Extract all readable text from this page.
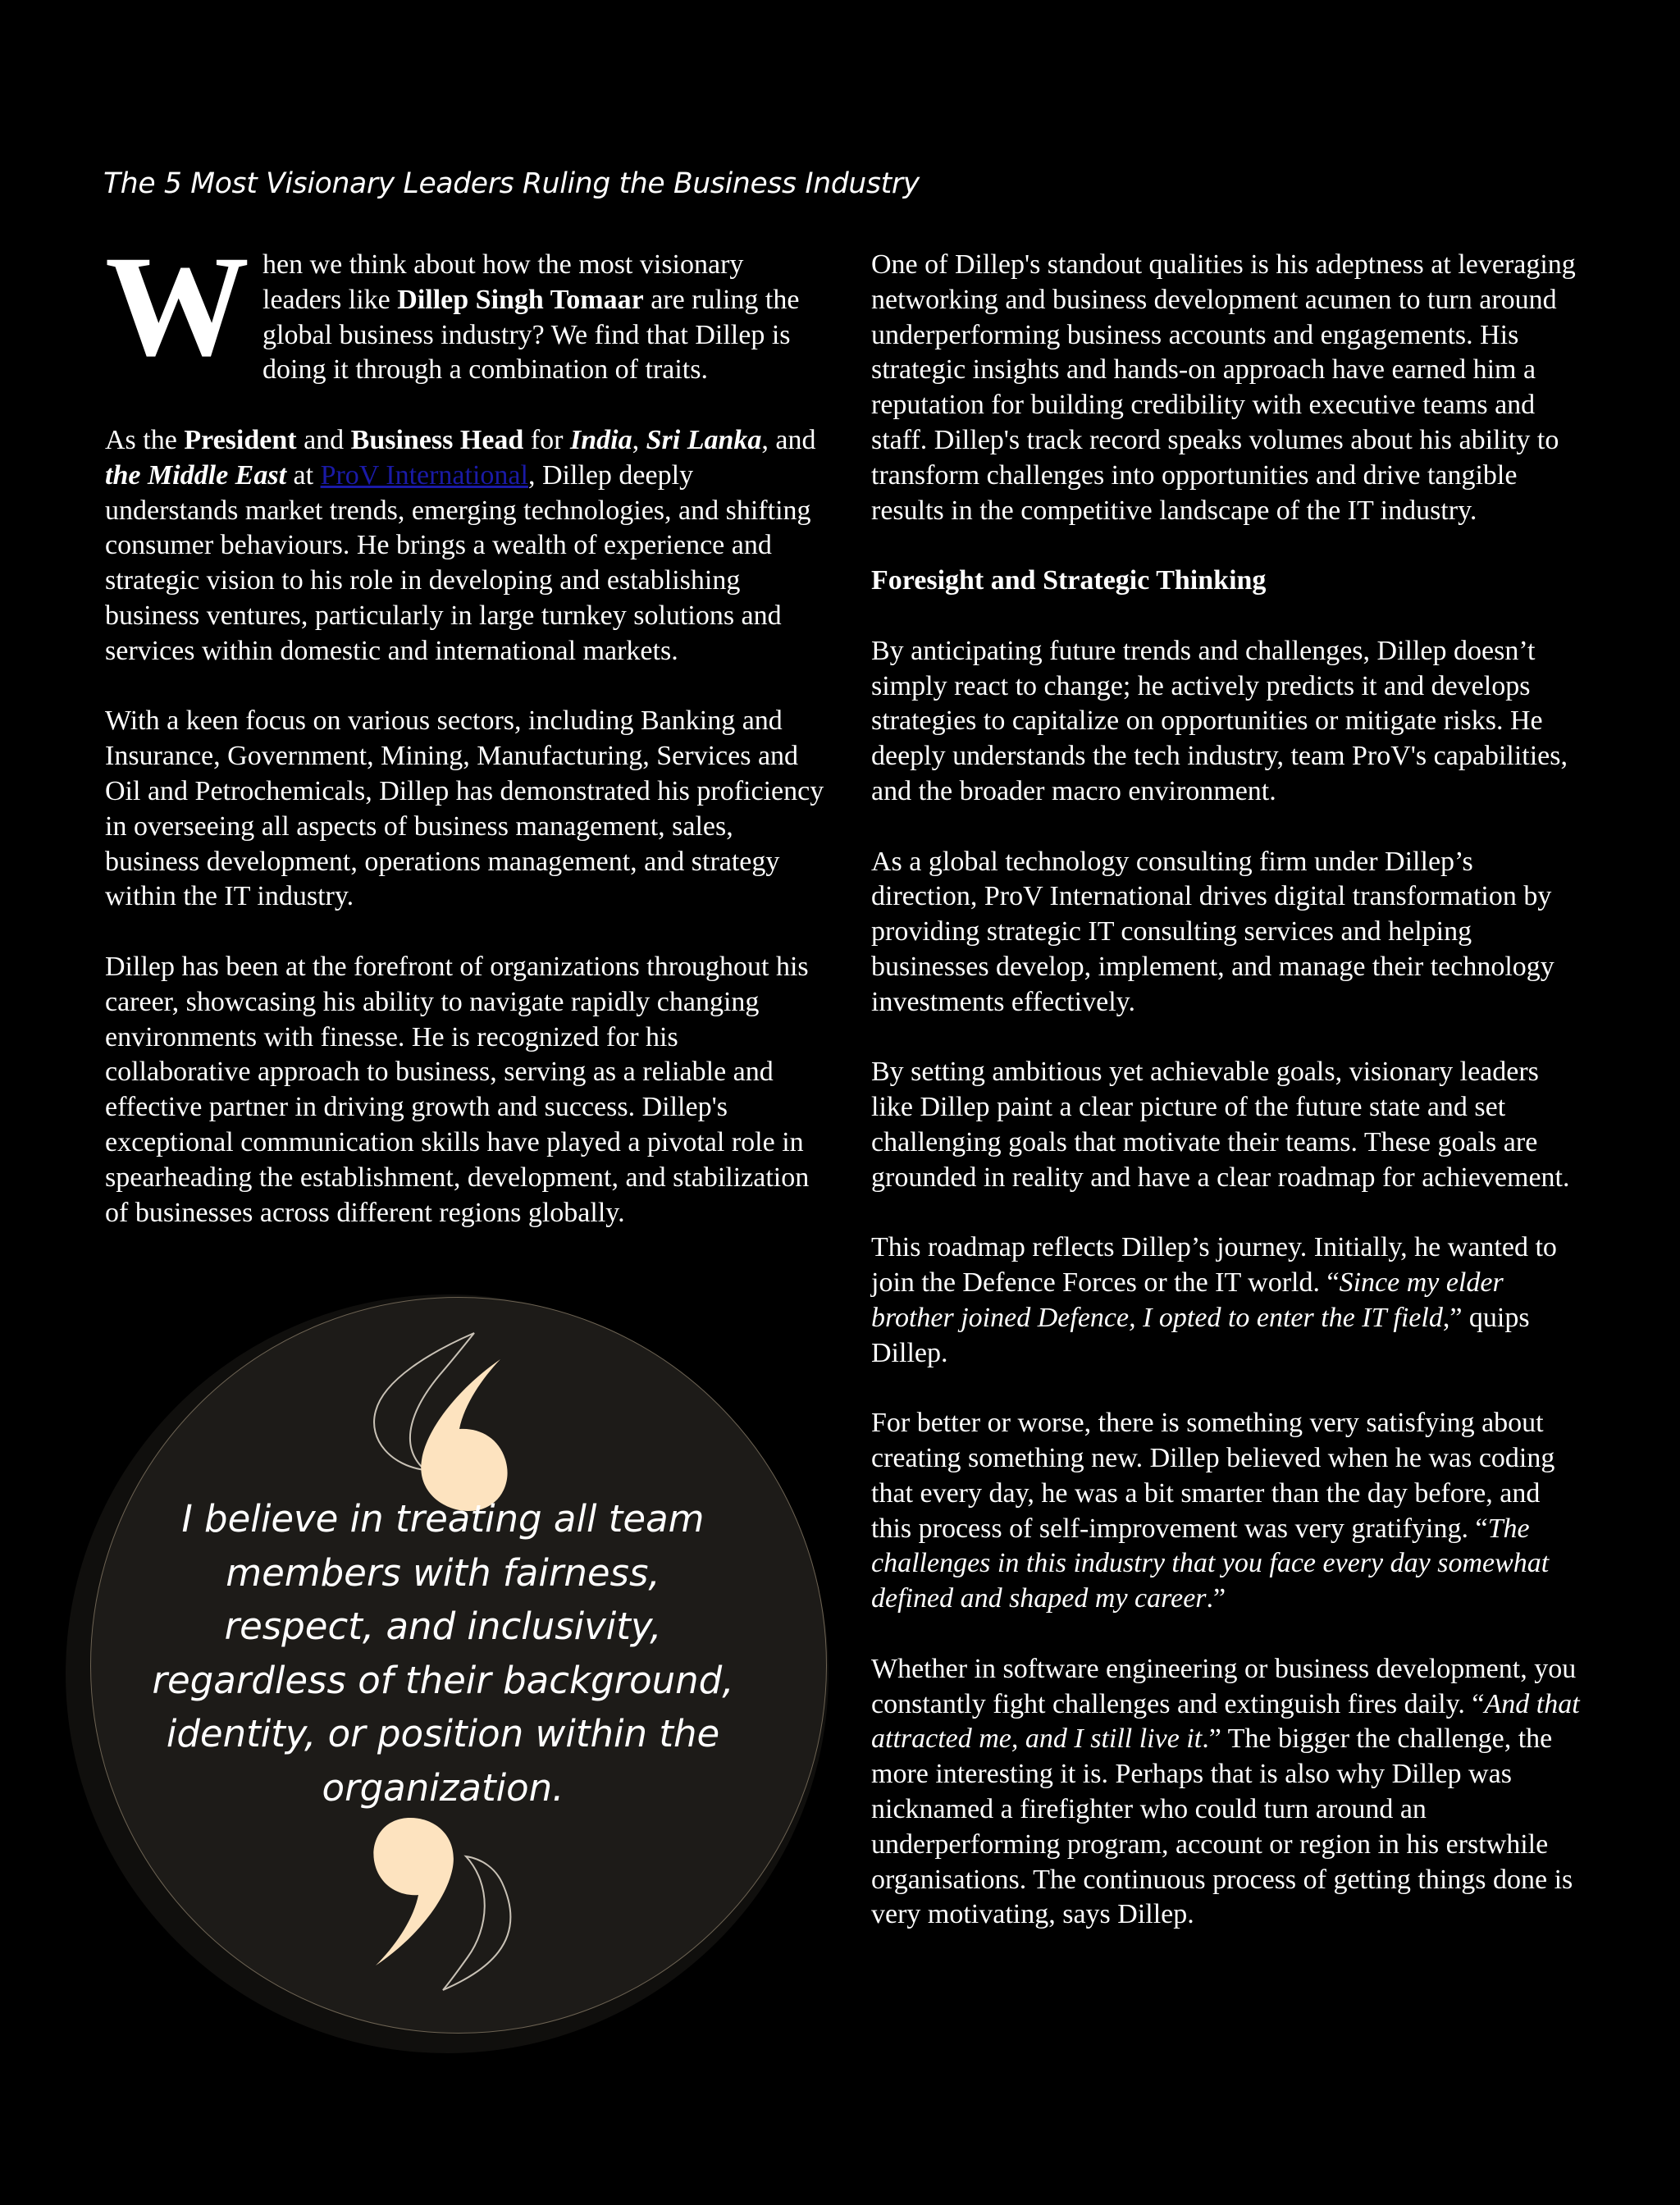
The 5 Most Visionary Leaders Ruling the Business Industry

When we think about how the most visionary leaders like Dillep Singh Tomaar are ruling the global business industry? We find that Dillep is doing it through a combination of traits.

As the President and Business Head for India, Sri Lanka, and the Middle East at ProV International, Dillep deeply understands market trends, emerging technologies, and shifting consumer behaviours. He brings a wealth of experience and strategic vision to his role in developing and establishing business ventures, particularly in large turnkey solutions and services within domestic and international markets.

With a keen focus on various sectors, including Banking and Insurance, Government, Mining, Manufacturing, Services and Oil and Petrochemicals, Dillep has demonstrated his proficiency in overseeing all aspects of business management, sales, business development, operations management, and strategy within the IT industry.

Dillep has been at the forefront of organizations throughout his career, showcasing his ability to navigate rapidly changing environments with finesse. He is recognized for his collaborative approach to business, serving as a reliable and effective partner in driving growth and success. Dillep's exceptional communication skills have played a pivotal role in spearheading the establishment, development, and stabilization of businesses across different regions globally.

I believe in treating all team members with fairness, respect, and inclusivity, regardless of their background, identity, or position within the organization.

One of Dillep's standout qualities is his adeptness at leveraging networking and business development acumen to turn around underperforming business accounts and engagements. His strategic insights and hands-on approach have earned him a reputation for building credibility with executive teams and staff. Dillep's track record speaks volumes about his ability to transform challenges into opportunities and drive tangible results in the competitive landscape of the IT industry.

Foresight and Strategic Thinking

By anticipating future trends and challenges, Dillep doesn’t simply react to change; he actively predicts it and develops strategies to capitalize on opportunities or mitigate risks. He deeply understands the tech industry, team ProV's capabilities, and the broader macro environment.

As a global technology consulting firm under Dillep’s direction, ProV International drives digital transformation by providing strategic IT consulting services and helping businesses develop, implement, and manage their technology investments effectively.

By setting ambitious yet achievable goals, visionary leaders like Dillep paint a clear picture of the future state and set challenging goals that motivate their teams. These goals are grounded in reality and have a clear roadmap for achievement.

This roadmap reflects Dillep’s journey. Initially, he wanted to join the Defence Forces or the IT world. “Since my elder brother joined Defence, I opted to enter the IT field,” quips Dillep.

For better or worse, there is something very satisfying about creating something new. Dillep believed when he was coding that every day, he was a bit smarter than the day before, and this process of self-improvement was very gratifying. “The challenges in this industry that you face every day somewhat defined and shaped my career.”

Whether in software engineering or business development, you constantly fight challenges and extinguish fires daily. “And that attracted me, and I still live it.” The bigger the challenge, the more interesting it is. Perhaps that is also why Dillep was nicknamed a firefighter who could turn around an underperforming program, account or region in his erstwhile organisations. The continuous process of getting things done is very motivating, says Dillep.
